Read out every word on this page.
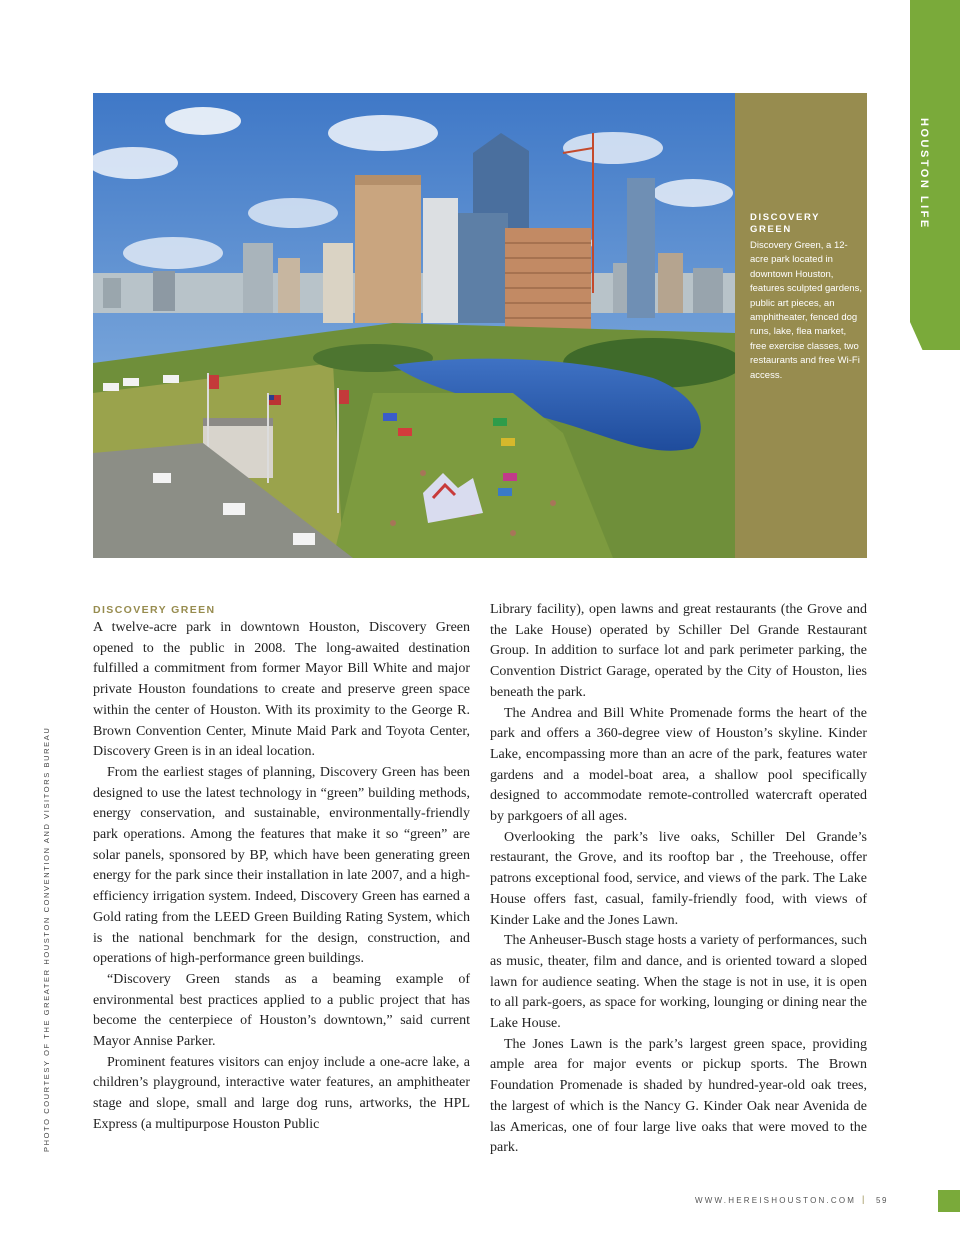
HOUSTON LIFE
DISCOVERY GREEN
Discovery Green, a 12-acre park located in downtown Houston, features sculpted gardens, public art pieces, an amphitheater, fenced dog runs, lake, flea market, free exercise classes, two restaurants and free Wi-Fi access.
PHOTO COURTESY OF THE GREATER HOUSTON CONVENTION AND VISITORS BUREAU
DISCOVERY GREEN

A twelve-acre park in downtown Houston, Discovery Green opened to the public in 2008. The long-awaited destination fulfilled a commitment from former Mayor Bill White and major private Houston foundations to create and preserve green space within the center of Houston. With its proximity to the George R. Brown Convention Center, Minute Maid Park and Toyota Center, Discovery Green is in an ideal location.

From the earliest stages of planning, Discovery Green has been designed to use the latest technology in “green” building methods, energy conservation, and sustainable, environmentally-friendly park operations. Among the features that make it so “green” are solar panels, sponsored by BP, which have been generating green energy for the park since their installation in late 2007, and a high-efficiency irrigation system. Indeed, Discovery Green has earned a Gold rating from the LEED Green Building Rating System, which is the national benchmark for the design, construction, and operations of high-performance green buildings.

“Discovery Green stands as a beaming example of environmental best practices applied to a public project that has become the centerpiece of Houston’s downtown,” said current Mayor Annise Parker.

Prominent features visitors can enjoy include a one-acre lake, a children’s playground, interactive water features, an amphitheater stage and slope, small and large dog runs, artworks, the HPL Express (a multipurpose Houston Public

Library facility), open lawns and great restaurants (the Grove and the Lake House) operated by Schiller Del Grande Restaurant Group. In addition to surface lot and park perimeter parking, the Convention District Garage, operated by the City of Houston, lies beneath the park.

The Andrea and Bill White Promenade forms the heart of the park and offers a 360-degree view of Houston’s skyline. Kinder Lake, encompassing more than an acre of the park, features water gardens and a model-boat area, a shallow pool specifically designed to accommodate remote-controlled watercraft operated by parkgoers of all ages.

Overlooking the park’s live oaks, Schiller Del Grande’s restaurant, the Grove, and its rooftop bar , the Treehouse, offer patrons exceptional food, service, and views of the park. The Lake House offers fast, casual, family-friendly food, with views of Kinder Lake and the Jones Lawn.

The Anheuser-Busch stage hosts a variety of performances, such as music, theater, film and dance, and is oriented toward a sloped lawn for audience seating. When the stage is not in use, it is open to all park-goers, as space for working, lounging or dining near the Lake House.

The Jones Lawn is the park’s largest green space, providing ample area for major events or pickup sports. The Brown Foundation Promenade is shaded by hundred-year-old oak trees, the largest of which is the Nancy G. Kinder Oak near Avenida de las Americas, one of four large live oaks that were moved to the park.

WWW.HEREISHOUSTON.COM | 59
